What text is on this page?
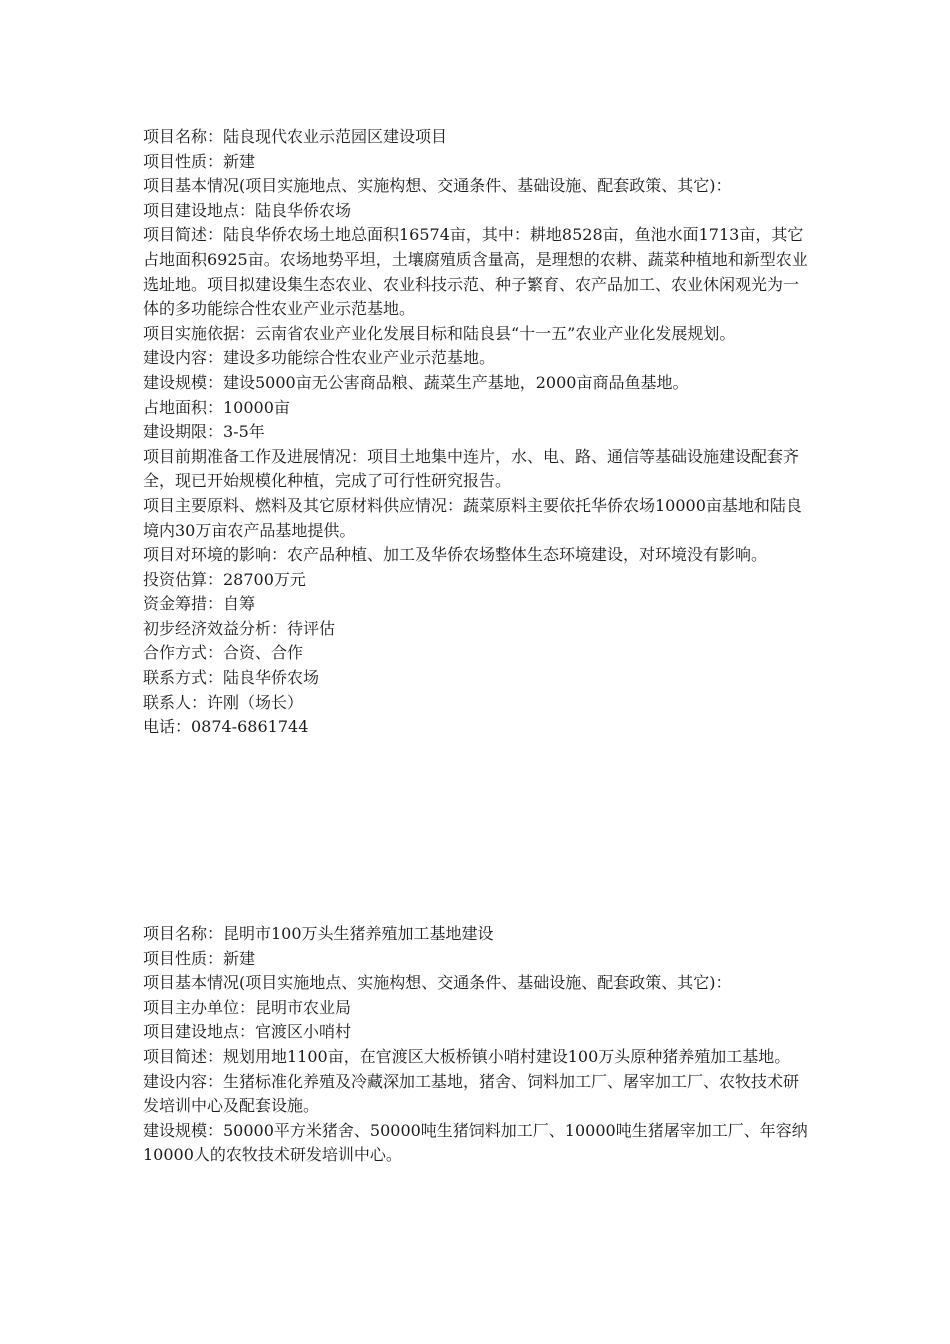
项目名称：陆良现代农业示范园区建设项目

项目性质：新建

项目基本情况(项目实施地点、实施构想、交通条件、基础设施、配套政策、其它)：

项目建设地点：陆良华侨农场

项目简述：陆良华侨农场土地总面积16574亩，其中：耕地8528亩，鱼池水面1713亩，其它占地面积6925亩。农场地势平坦，土壤腐殖质含量高，是理想的农耕、蔬菜种植地和新型农业选址地。项目拟建设集生态农业、农业科技示范、种子繁育、农产品加工、农业休闲观光为一体的多功能综合性农业产业示范基地。

项目实施依据：云南省农业产业化发展目标和陆良县“十一五”农业产业化发展规划。

建设内容：建设多功能综合性农业产业示范基地。

建设规模：建设5000亩无公害商品粮、蔬菜生产基地，2000亩商品鱼基地。

占地面积：10000亩

建设期限：3-5年

项目前期准备工作及进展情况：项目土地集中连片，水、电、路、通信等基础设施建设配套齐全，现已开始规模化种植，完成了可行性研究报告。

项目主要原料、燃料及其它原材料供应情况：蔬菜原料主要依托华侨农场10000亩基地和陆良境内30万亩农产品基地提供。

项目对环境的影响：农产品种植、加工及华侨农场整体生态环境建设，对环境没有影响。

投资估算：28700万元

资金筹措：自筹

初步经济效益分析：待评估

合作方式：合资、合作

联系方式：陆良华侨农场

联系人：许刚（场长）

电话：0874-6861744

项目名称：昆明市100万头生猪养殖加工基地建设

项目性质：新建

项目基本情况(项目实施地点、实施构想、交通条件、基础设施、配套政策、其它)：

项目主办单位：昆明市农业局

项目建设地点：官渡区小哨村

项目简述：规划用地1100亩，在官渡区大板桥镇小哨村建设100万头原种猪养殖加工基地。

建设内容：生猪标准化养殖及冷藏深加工基地，猪舍、饲料加工厂、屠宰加工厂、农牧技术研发培训中心及配套设施。

建设规模：50000平方米猪舍、50000吨生猪饲料加工厂、10000吨生猪屠宰加工厂、年容纳10000人的农牧技术研发培训中心。
